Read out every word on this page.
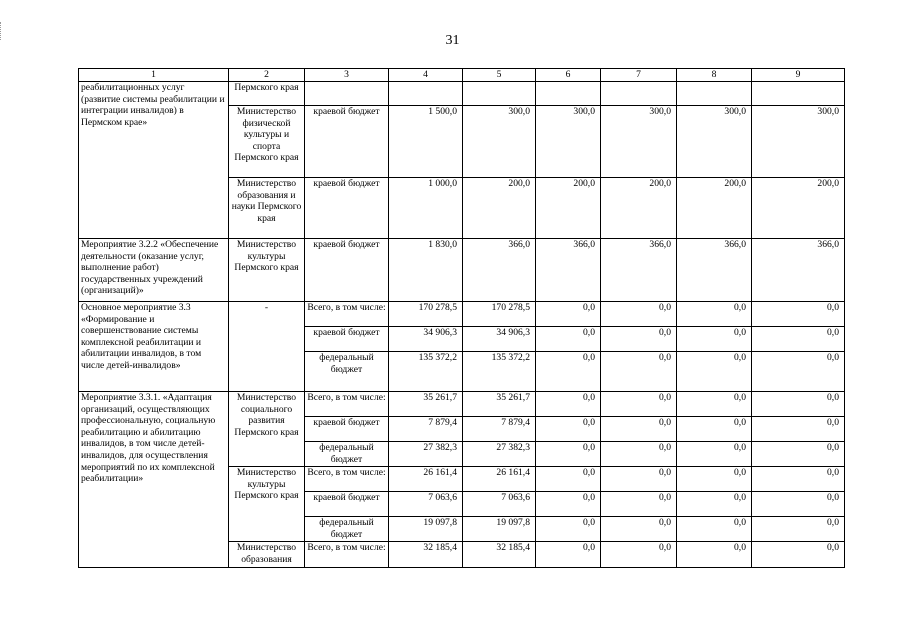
31
1	2	3	4	5	6	7	8	9
реабилитационных услуг (развитие системы реабилитации и интеграции инвалидов) в Пермском крае»	Пермского края							
	Министерство физической культуры и спорта Пермского края	краевой бюджет	1 500,0	300,0	300,0	300,0	300,0	300,0
	Министерство образования и науки Пермского края	краевой бюджет	1 000,0	200,0	200,0	200,0	200,0	200,0
Мероприятие 3.2.2 «Обеспечение деятельности (оказание услуг, выполнение работ) государственных учреждений (организаций)»	Министерство культуры Пермского края	краевой бюджет	1 830,0	366,0	366,0	366,0	366,0	366,0
Основное мероприятие 3.3 «Формирование и совершенствование системы комплексной реабилитации и абилитации инвалидов, в том числе детей-инвалидов»	-	Всего, в том числе:	170 278,5	170 278,5	0,0	0,0	0,0	0,0
		краевой бюджет	34 906,3	34 906,3	0,0	0,0	0,0	0,0
		федеральный бюджет	135 372,2	135 372,2	0,0	0,0	0,0	0,0
Мероприятие 3.3.1. «Адаптация организаций, осуществляющих профессиональную, социальную реабилитацию и абилитацию инвалидов, в том числе детей-инвалидов, для осуществления мероприятий по их комплексной реабилитации»	Министерство социального развития Пермского края	Всего, в том числе:	35 261,7	35 261,7	0,0	0,0	0,0	0,0
		краевой бюджет	7 879,4	7 879,4	0,0	0,0	0,0	0,0
		федеральный бюджет	27 382,3	27 382,3	0,0	0,0	0,0	0,0
	Министерство культуры Пермского края	Всего, в том числе:	26 161,4	26 161,4	0,0	0,0	0,0	0,0
		краевой бюджет	7 063,6	7 063,6	0,0	0,0	0,0	0,0
		федеральный бюджет	19 097,8	19 097,8	0,0	0,0	0,0	0,0
	Министерство образования	Всего, в том числе:	32 185,4	32 185,4	0,0	0,0	0,0	0,0
